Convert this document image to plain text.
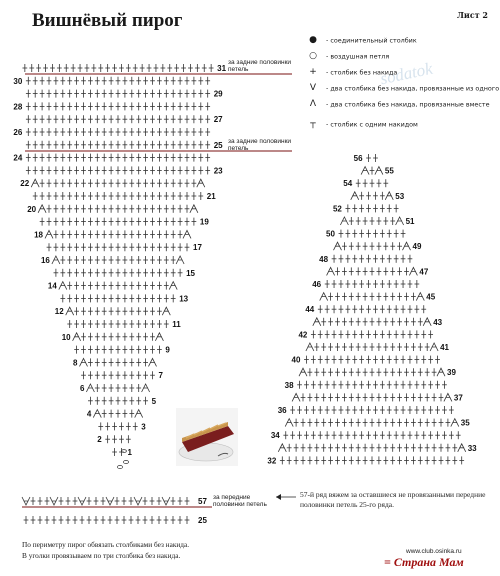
Вишнёвый пирог	Лист 2
sodatok
31
30
29
28
27
26
25
24
23
22
21
20
19
18
17
16
15
14
13
12
11
10
9
8
7
6
5
4
3
2
1
56
55
54
53
52
51
50
49
48
47
46
45
44
43
42
41
40
39
38
37
36
35
34
33
32
57
25
● - соединительный столбик
○ - воздушная петля
+ - столбик без накида
V - два столбика без накида, провязанные из одного
Λ - два столбика без накида, провязанные вместе
┬ - столбик с одним накидом
за задние половинки петель
за задние половинки петель
за передние половинки петель
57-й ряд вяжем за оставшиеся не провязанными передние половинки петель 25-го ряда.
По периметру пирог обвязать столбиками без накида.
В уголки провязываем по три столбика без накида.	www.club.osinka.ru
= Страна Мам
